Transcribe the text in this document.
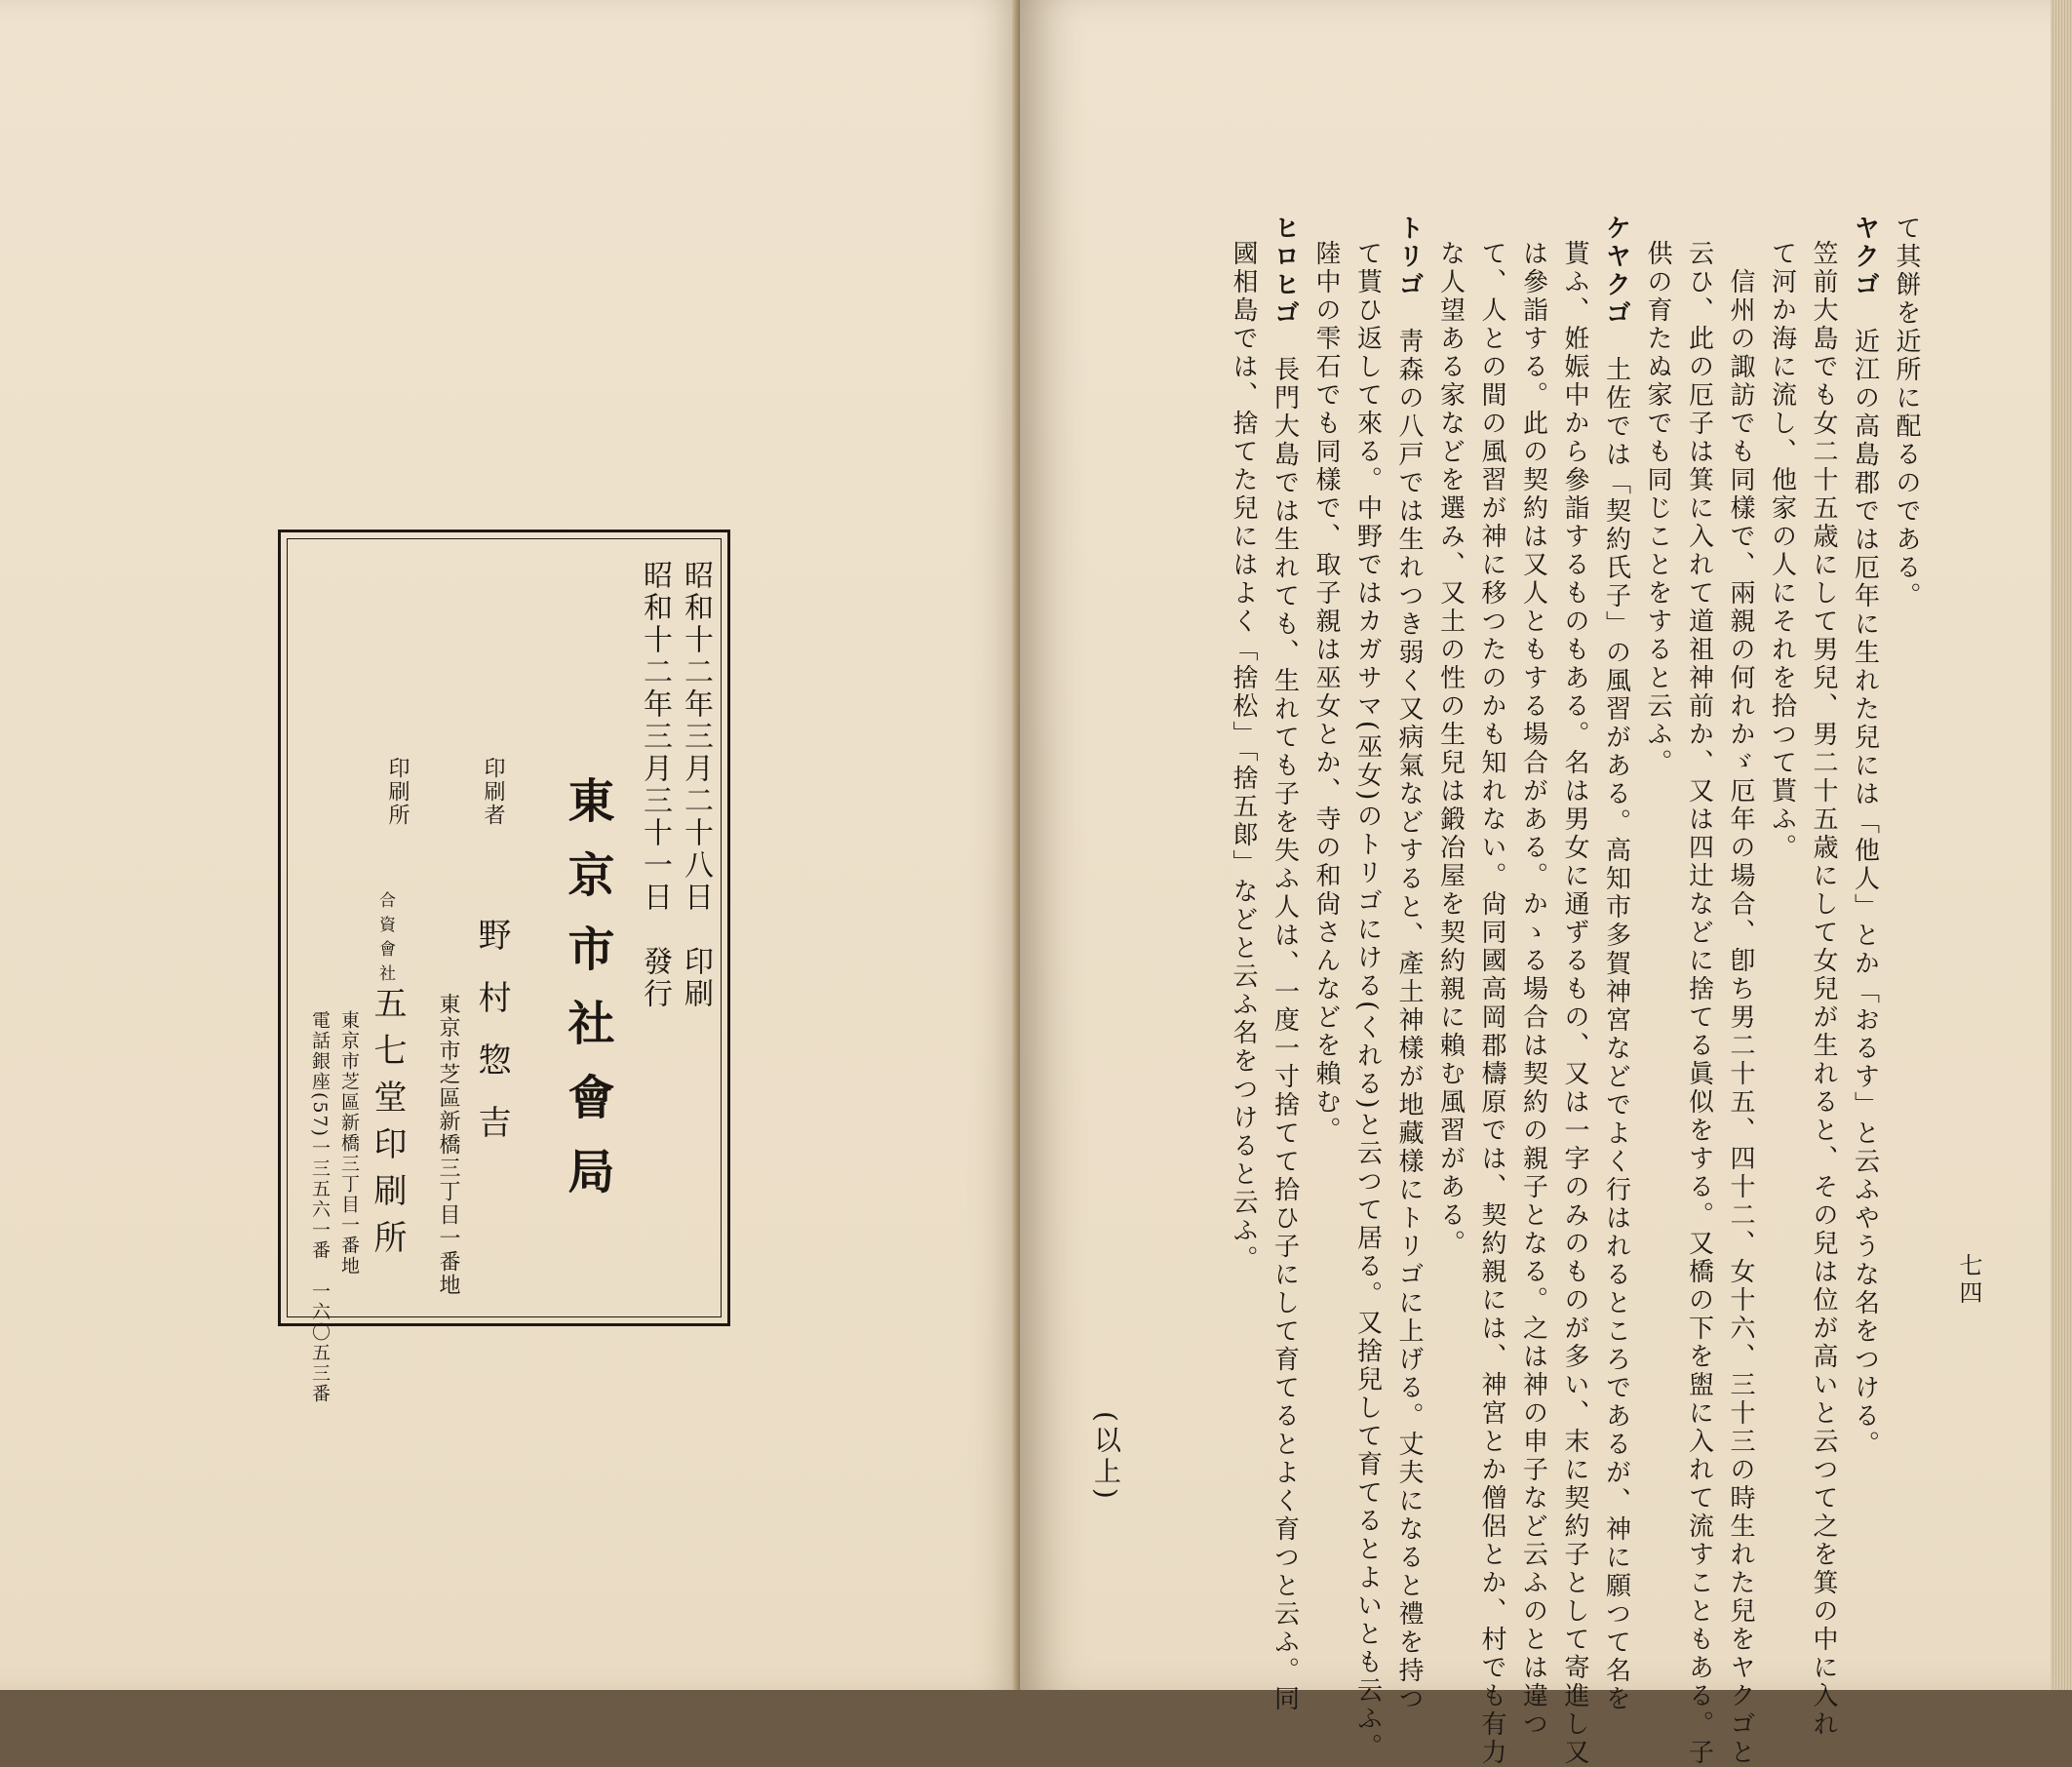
昭和十二年三月二十八日　印刷
昭和十二年三月三十一日　發行
東京市社會局
印刷者
野村惣吉
東京市芝區新橋三丁目一番地
印刷所
合資會社
五七堂印刷所
東京市芝區新橋三丁目一番地
電話銀座(57)一三五六一番　一六〇五三番	七四
て其餅を近所に配るのである。
ヤクゴ　近江の高島郡では厄年に生れた兒には「他人」とか「おるす」と云ふやうな名をつける。
笠前大島でも女二十五歳にして男兒、男二十五歳にして女兒が生れると、その兒は位が高いと云つて之を箕の中に入れ
て河か海に流し、他家の人にそれを拾つて貰ふ。
　信州の諏訪でも同樣で、兩親の何れかゞ厄年の場合、卽ち男二十五、四十二、女十六、三十三の時生れた兒をヤクゴと
云ひ、此の厄子は箕に入れて道祖神前か、又は四辻などに捨てる眞似をする。又橋の下を盥に入れて流すこともある。子
供の育たぬ家でも同じことをすると云ふ。
ケヤクゴ　土佐では「契約氏子」の風習がある。高知市多賀神宮などでよく行はれるところであるが、神に願つて名を
貰ふ、姙娠中から參詣するものもある。名は男女に通ずるもの、又は一字のみのものが多い、末に契約子として寄進し又
は參詣する。此の契約は又人ともする場合がある。かゝる場合は契約の親子となる。之は神の申子など云ふのとは違つ
て、人との間の風習が神に移つたのかも知れない。尙同國高岡郡檮原では、契約親には、神宮とか僧侶とか、村でも有力
な人望ある家などを選み、又土の性の生兒は鍛冶屋を契約親に賴む風習がある。
トリゴ　靑森の八戸では生れつき弱く又病氣などすると、產土神樣が地藏樣にトリゴに上げる。丈夫になると禮を持つ
て貰ひ返して來る。中野ではカガサマ(巫女)のトリゴにける(くれる)と云つて居る。又捨兒して育てるとよいとも云ふ。
陸中の雫石でも同樣で、取子親は巫女とか、寺の和尙さんなどを賴む。
ヒロヒゴ　長門大島では生れても、生れても子を失ふ人は、一度一寸捨てて拾ひ子にして育てるとよく育つと云ふ。同
國相島では、捨てた兒にはよく「捨松」「捨五郞」などと云ふ名をつけると云ふ。
(以上)
